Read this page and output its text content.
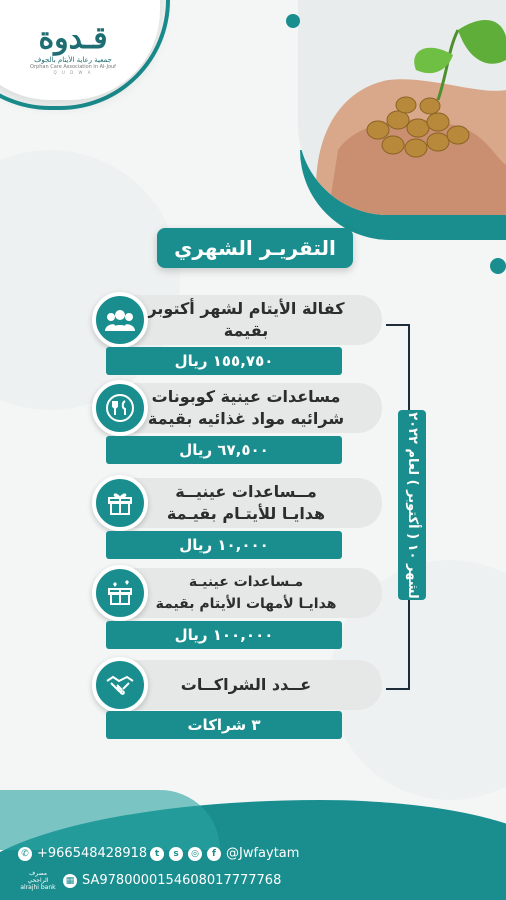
قـدوة
جمعية رعاية الأيتام بالجوف
Orphan Care Association in Al-Jouf
Q U D W A
التقريـر الشهري
لشهر ١٠ ( أكتوبر ) لعام ٢٠٢٢
كفالة الأيتام لشهر أكتوبر
بقيمة
١٥٥,٧٥٠ ريال
مساعدات عينية كوبونات
شرائيه مواد غذائيه بقيمة
٦٧,٥٠٠ ريال
مــساعدات عينيــة
هدايـا للأيتـام بقيـمة
١٠,٠٠٠ ريال
مـساعدات عينيـة
هدايـا لأمهات الأيتام بقيمة
١٠٠,٠٠٠ ريال
عــدد الشراكــات
٣ شراكات
✆ +966548428918 t	s	◎	f @Jwfaytam
مصرف الراجحي
alrajhi bank
▦ SA9780000154608017777768
